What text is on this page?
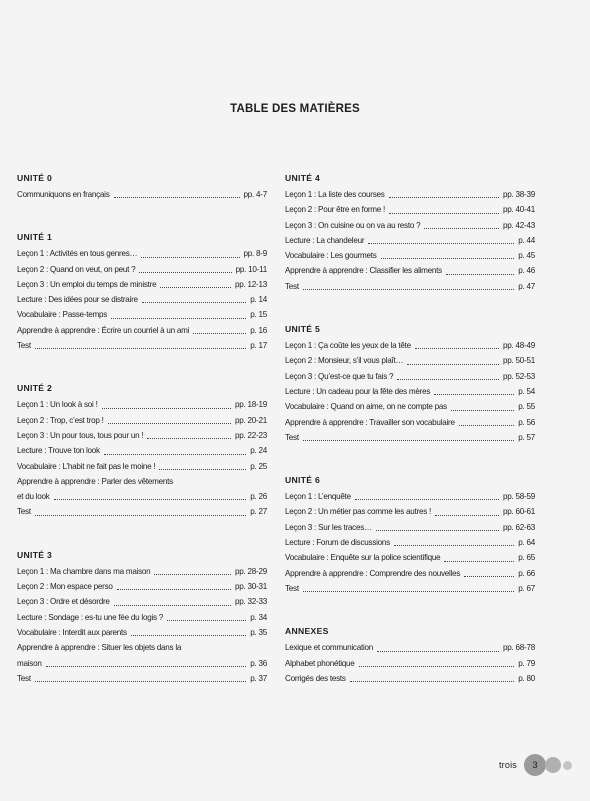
TABLE DES MATIÈRES
UNITÉ 0
Communiquons en français	pp. 4-7
UNITÉ 1
Leçon 1 : Activités en tous genres…	pp. 8-9
Leçon 2 : Quand on veut, on peut ?	pp. 10-11
Leçon 3 : Un emploi du temps de ministre	pp. 12-13
Lecture : Des idées pour se distraire	p. 14
Vocabulaire : Passe-temps	p. 15
Apprendre à apprendre : Écrire un courriel à un ami	p. 16
Test	p. 17
UNITÉ 2
Leçon 1 : Un look à soi !	pp. 18-19
Leçon 2 : Trop, c’est trop !	pp. 20-21
Leçon 3 : Un pour tous, tous pour un !	pp. 22-23
Lecture : Trouve ton look	p. 24
Vocabulaire : L’habit ne fait pas le moine !	p. 25
Apprendre à apprendre : Parler des vêtements
et du look	p. 26
Test	p. 27
UNITÉ 3
Leçon 1 : Ma chambre dans ma maison	pp. 28-29
Leçon 2 : Mon espace perso	pp. 30-31
Leçon 3 : Ordre et désordre	pp. 32-33
Lecture : Sondage : es-tu une fée du logis ?	p. 34
Vocabulaire : Interdit aux parents	p. 35
Apprendre à apprendre : Situer les objets dans la
maison	p. 36
Test	p. 37
UNITÉ 4
Leçon 1 : La liste des courses	pp. 38-39
Leçon 2 : Pour être en forme !	pp. 40-41
Leçon 3 : On cuisine ou on va au resto ?	pp. 42-43
Lecture : La chandeleur	p. 44
Vocabulaire : Les gourmets	p. 45
Apprendre à apprendre : Classifier les aliments	p. 46
Test	p. 47
UNITÉ 5
Leçon 1 : Ça coûte les yeux de la tête	pp. 48-49
Leçon 2 : Monsieur, s’il vous plaît…	pp. 50-51
Leçon 3 : Qu’est-ce que tu fais ?	pp. 52-53
Lecture : Un cadeau pour la fête des mères	p. 54
Vocabulaire : Quand on aime, on ne compte pas	p. 55
Apprendre à apprendre : Travailler son vocabulaire	p. 56
Test	p. 57
UNITÉ 6
Leçon 1 : L’enquête	pp. 58-59
Leçon 2 : Un métier pas comme les autres !	pp. 60-61
Leçon 3 : Sur les traces…	pp. 62-63
Lecture : Forum de discussions	p. 64
Vocabulaire : Enquête sur la police scientifique	p. 65
Apprendre à apprendre : Comprendre des nouvelles	p. 66
Test	p. 67
ANNEXES
Lexique et communication	pp. 68-78
Alphabet phonétique	p. 79
Corrigés des tests	p. 80
trois	3
